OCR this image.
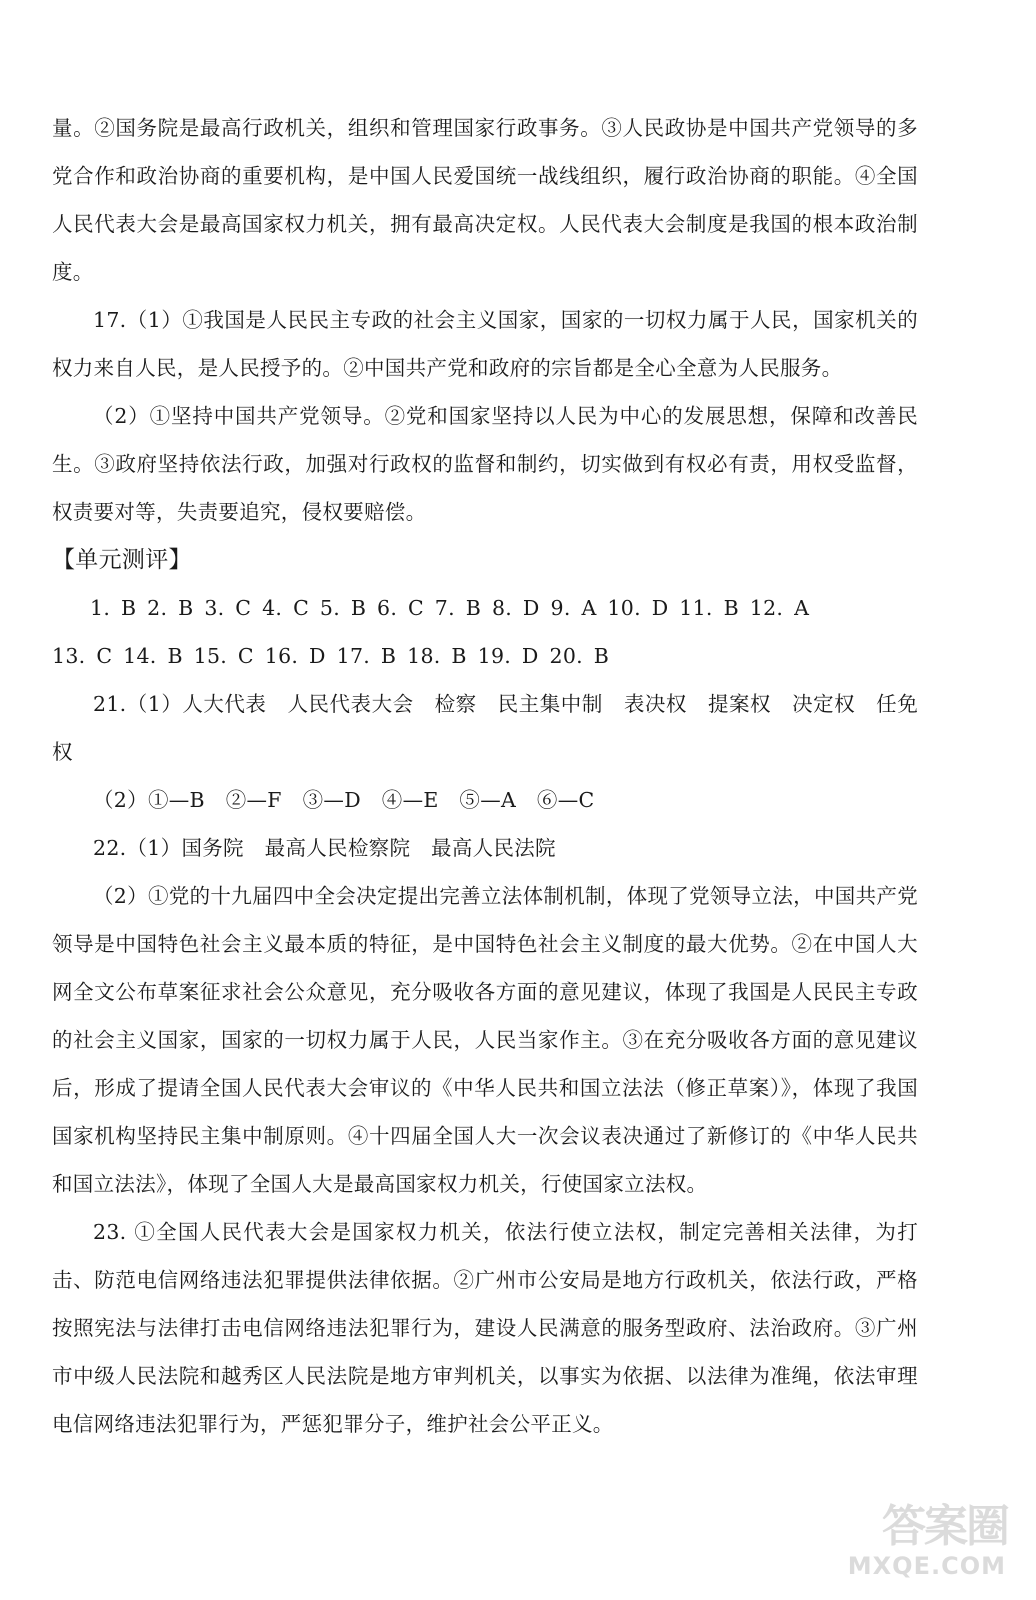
量。②国务院是最高行政机关，组织和管理国家行政事务。③人民政协是中国共产党领导的多党合作和政治协商的重要机构，是中国人民爱国统一战线组织，履行政治协商的职能。④全国人民代表大会是最高国家权力机关，拥有最高决定权。人民代表大会制度是我国的根本政治制度。

17.（1）①我国是人民民主专政的社会主义国家，国家的一切权力属于人民，国家机关的权力来自人民，是人民授予的。②中国共产党和政府的宗旨都是全心全意为人民服务。

（2）①坚持中国共产党领导。②党和国家坚持以人民为中心的发展思想，保障和改善民生。③政府坚持依法行政，加强对行政权的监督和制约，切实做到有权必有责，用权受监督，权责要对等，失责要追究，侵权要赔偿。

【单元测评】

1. B 2. B 3. C 4. C 5. B 6. C 7. B 8. D 9. A 10. D 11. B 12. A

13. C 14. B 15. C 16. D 17. B 18. B 19. D 20. B

21.（1）人大代表　人民代表大会　检察　民主集中制　表决权　提案权　决定权　任免权

（2）①—B　②—F　③—D　④—E　⑤—A　⑥—C

22.（1）国务院　最高人民检察院　最高人民法院

（2）①党的十九届四中全会决定提出完善立法体制机制，体现了党领导立法，中国共产党领导是中国特色社会主义最本质的特征，是中国特色社会主义制度的最大优势。②在中国人大网全文公布草案征求社会公众意见，充分吸收各方面的意见建议，体现了我国是人民民主专政的社会主义国家，国家的一切权力属于人民，人民当家作主。③在充分吸收各方面的意见建议后，形成了提请全国人民代表大会审议的《中华人民共和国立法法（修正草案）》，体现了我国国家机构坚持民主集中制原则。④十四届全国人大一次会议表决通过了新修订的《中华人民共和国立法法》，体现了全国人大是最高国家权力机关，行使国家立法权。

23. ①全国人民代表大会是国家权力机关，依法行使立法权，制定完善相关法律，为打击、防范电信网络违法犯罪提供法律依据。②广州市公安局是地方行政机关，依法行政，严格按照宪法与法律打击电信网络违法犯罪行为，建设人民满意的服务型政府、法治政府。③广州市中级人民法院和越秀区人民法院是地方审判机关，以事实为依据、以法律为准绳，依法审理电信网络违法犯罪行为，严惩犯罪分子，维护社会公平正义。

答案圈
MXQE.COM
